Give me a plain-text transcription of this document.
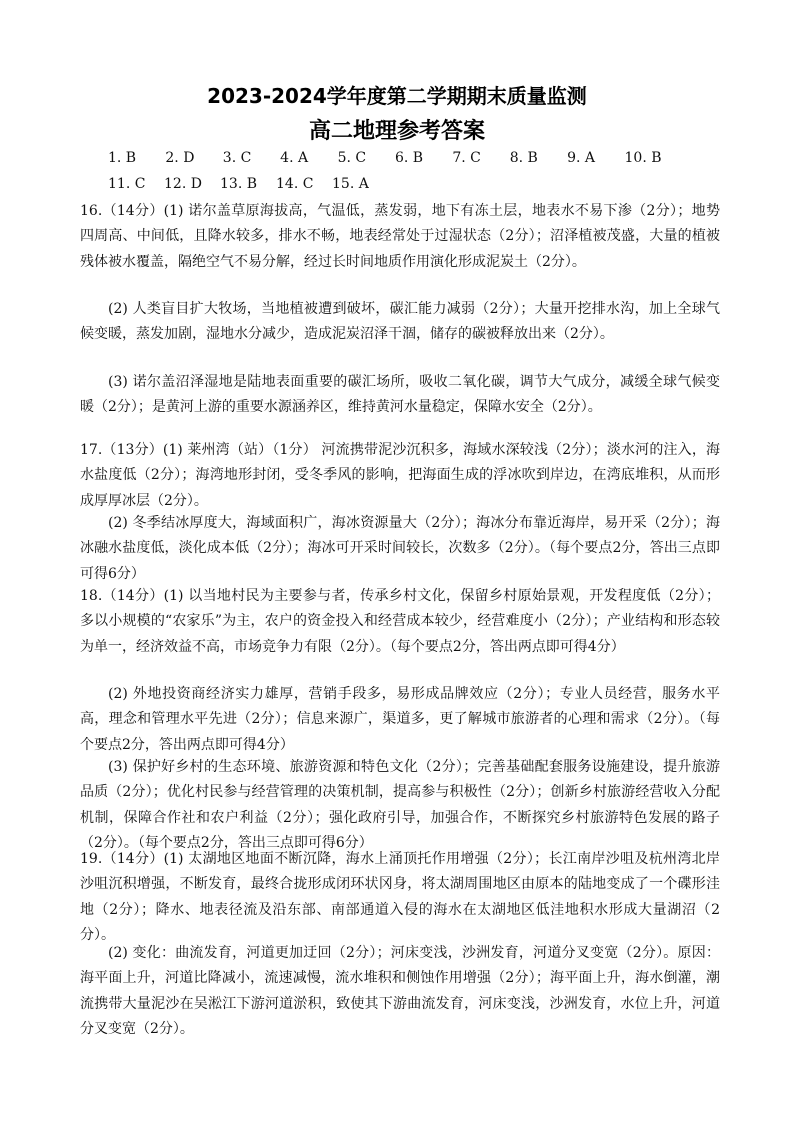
2023-2024学年度第二学期期末质量监测
高二地理参考答案
1. B 2. D 3. C 4. A 5. C 6. B 7. C 8. B 9. A 10. B
11. C 12. D 13. B 14. C 15. A

16.（14分）(1) 诺尔盖草原海拔高，气温低，蒸发弱，地下有冻土层，地表水不易下渗（2分）；地势四周高、中间低，且降水较多，排水不畅，地表经常处于过湿状态（2分）；沼泽植被茂盛，大量的植被残体被水覆盖，隔绝空气不易分解，经过长时间地质作用演化形成泥炭土（2分）。

(2) 人类盲目扩大牧场，当地植被遭到破坏，碳汇能力减弱（2分）；大量开挖排水沟，加上全球气候变暖，蒸发加剧，湿地水分减少，造成泥炭沼泽干涸，储存的碳被释放出来（2分）。

(3) 诺尔盖沼泽湿地是陆地表面重要的碳汇场所，吸收二氧化碳，调节大气成分，减缓全球气候变暖（2分）；是黄河上游的重要水源涵养区，维持黄河水量稳定，保障水安全（2分）。

17.（13分）(1) 莱州湾（站）（1分） 河流携带泥沙沉积多，海域水深较浅（2分）；淡水河的注入，海水盐度低（2分）；海湾地形封闭，受冬季风的影响，把海面生成的浮冰吹到岸边，在湾底堆积，从而形成厚厚冰层（2分）。

(2) 冬季结冰厚度大，海域面积广，海冰资源量大（2分）；海冰分布靠近海岸，易开采（2分）；海冰融水盐度低，淡化成本低（2分）；海冰可开采时间较长，次数多（2分）。（每个要点2分，答出三点即可得6分）

18.（14分）(1) 以当地村民为主要参与者，传承乡村文化，保留乡村原始景观，开发程度低（2分）；多以小规模的“农家乐”为主，农户的资金投入和经营成本较少，经营难度小（2分）；产业结构和形态较为单一，经济效益不高，市场竞争力有限（2分）。（每个要点2分，答出两点即可得4分）

(2) 外地投资商经济实力雄厚，营销手段多，易形成品牌效应（2分）；专业人员经营，服务水平高，理念和管理水平先进（2分）；信息来源广，渠道多，更了解城市旅游者的心理和需求（2分）。（每个要点2分，答出两点即可得4分）

(3) 保护好乡村的生态环境、旅游资源和特色文化（2分）；完善基础配套服务设施建设，提升旅游品质（2分）；优化村民参与经营管理的决策机制，提高参与积极性（2分）；创新乡村旅游经营收入分配机制，保障合作社和农户利益（2分）；强化政府引导，加强合作，不断探究乡村旅游特色发展的路子（2分）。（每个要点2分，答出三点即可得6分）

19.（14分）(1) 太湖地区地面不断沉降，海水上涌顶托作用增强（2分）；长江南岸沙咀及杭州湾北岸沙咀沉积增强，不断发育，最终合拢形成闭环状冈身，将太湖周围地区由原本的陆地变成了一个碟形洼地（2分）；降水、地表径流及沿东部、南部通道入侵的海水在太湖地区低洼地积水形成大量湖沼（2分）。

(2) 变化：曲流发育，河道更加迂回（2分）；河床变浅，沙洲发育，河道分叉变宽（2分）。原因：海平面上升，河道比降减小，流速减慢，流水堆积和侧蚀作用增强（2分）；海平面上升，海水倒灌，潮流携带大量泥沙在吴淞江下游河道淤积，致使其下游曲流发育，河床变浅，沙洲发育，水位上升，河道分叉变宽（2分）。
